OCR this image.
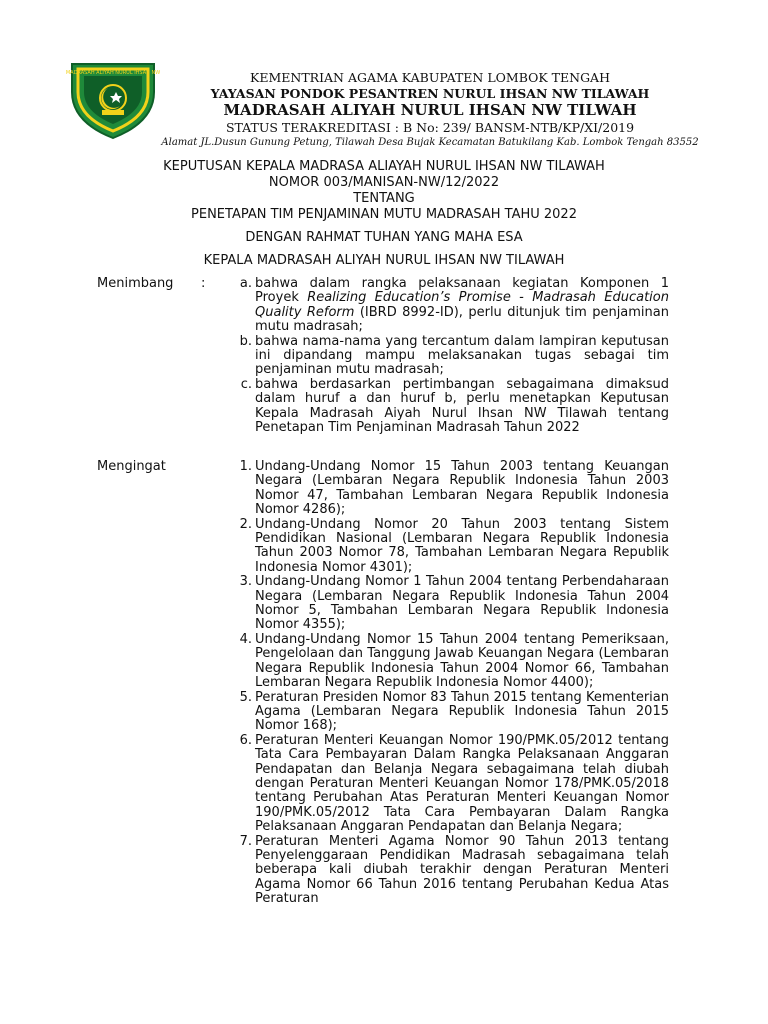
MADRASAH ALIYAH NURUL IHSAN NW	KEMENTRIAN AGAMA KABUPATEN LOMBOK TENGAH
YAYASAN PONDOK PESANTREN NURUL IHSAN NW TILAWAH
MADRASAH ALIYAH NURUL IHSAN NW TILWAH
STATUS TERAKREDITASI : B No: 239/ BANSM-NTB/KP/XI/2019
Alamat JL.Dusun Gunung Petung, Tilawah Desa Bujak Kecamatan Batukilang Kab. Lombok Tengah 83552
KEPUTUSAN KEPALA MADRASA ALIAYAH NURUL IHSAN NW TILAWAH
NOMOR 003/MANISAN-NW/12/2022
TENTANG
PENETAPAN TIM PENJAMINAN MUTU MADRASAH TAHU 2022
DENGAN RAHMAT TUHAN YANG MAHA ESA
KEPALA MADRASAH ALIYAH NURUL IHSAN NW TILAWAH
Menimbang :	a. bahwa dalam rangka pelaksanaan kegiatan Komponen 1 Proyek Realizing Education’s Promise - Madrasah Education Quality Reform (IBRD 8992-ID), perlu ditunjuk tim penjaminan mutu madrasah;
b. bahwa nama-nama yang tercantum dalam lampiran keputusan ini dipandang mampu melaksanakan tugas sebagai tim penjaminan mutu madrasah;
c. bahwa berdasarkan pertimbangan sebagaimana dimaksud dalam huruf a dan huruf b, perlu menetapkan Keputusan Kepala Madrasah Aiyah Nurul Ihsan NW Tilawah tentang Penetapan Tim Penjaminan Madrasah Tahun 2022
Mengingat	1. Undang-Undang Nomor 15 Tahun 2003 tentang Keuangan Negara (Lembaran Negara Republik Indonesia Tahun 2003 Nomor 47, Tambahan Lembaran Negara Republik Indonesia Nomor 4286);
2. Undang-Undang Nomor 20 Tahun 2003 tentang Sistem Pendidikan Nasional (Lembaran Negara Republik Indonesia Tahun 2003 Nomor 78, Tambahan Lembaran Negara Republik Indonesia Nomor 4301);
3. Undang-Undang Nomor 1 Tahun 2004 tentang Perbendaharaan Negara (Lembaran Negara Republik Indonesia Tahun 2004 Nomor 5, Tambahan Lembaran Negara Republik Indonesia Nomor 4355);
4. Undang-Undang Nomor 15 Tahun 2004 tentang Pemeriksaan, Pengelolaan dan Tanggung Jawab Keuangan Negara (Lembaran Negara Republik Indonesia Tahun 2004 Nomor 66, Tambahan Lembaran Negara Republik Indonesia Nomor 4400);
5. Peraturan Presiden Nomor 83 Tahun 2015 tentang Kementerian Agama (Lembaran Negara Republik Indonesia Tahun 2015 Nomor 168);
6. Peraturan Menteri Keuangan Nomor 190/PMK.05/2012 tentang Tata Cara Pembayaran Dalam Rangka Pelaksanaan Anggaran Pendapatan dan Belanja Negara sebagaimana telah diubah dengan Peraturan Menteri Keuangan Nomor 178/PMK.05/2018 tentang Perubahan Atas Peraturan Menteri Keuangan Nomor 190/PMK.05/2012 Tata Cara Pembayaran Dalam Rangka Pelaksanaan Anggaran Pendapatan dan Belanja Negara;
7. Peraturan Menteri Agama Nomor 90 Tahun 2013 tentang Penyelenggaraan Pendidikan Madrasah sebagaimana telah beberapa kali diubah terakhir dengan Peraturan Menteri Agama Nomor 66 Tahun 2016 tentang Perubahan Kedua Atas Peraturan
